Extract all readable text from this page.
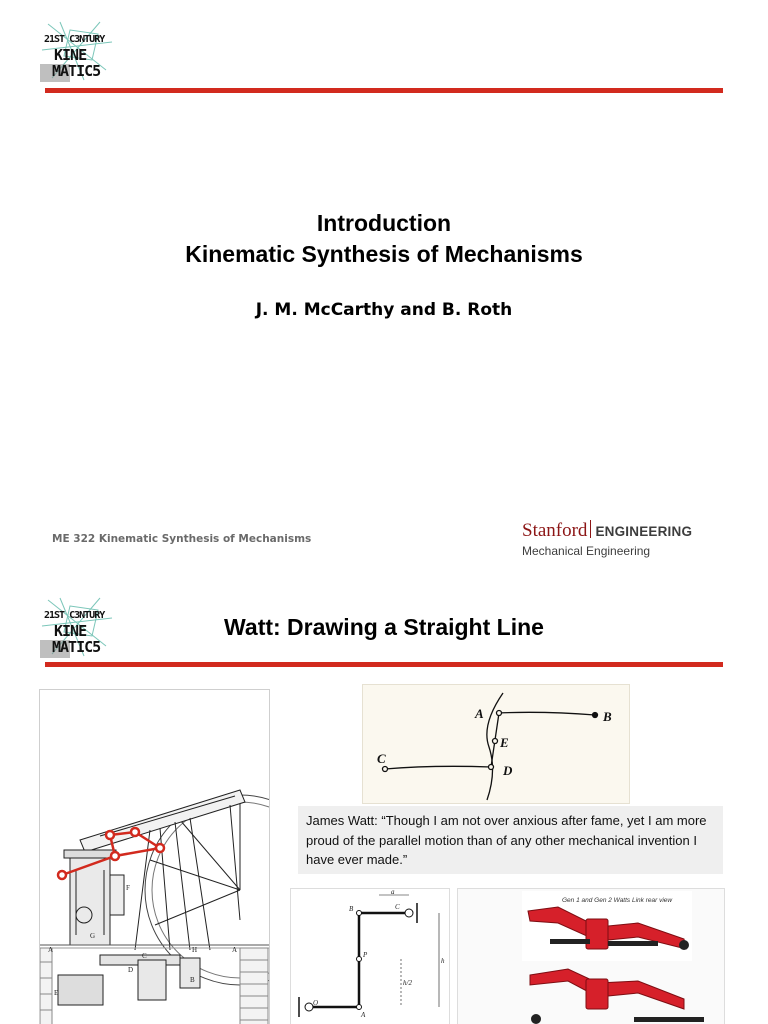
21ST C3NTURY
KINE
MATIC5
Introduction
Kinematic Synthesis of Mechanisms
J. M. McCarthy and B. Roth
ME 322 Kinematic Synthesis of Mechanisms	Stanford ENGINEERING
Mechanical Engineering
21ST C3NTURY
KINE
MATIC5
Watt: Drawing a Straight Line
A
G
C
D
H
B
F
E
A
A	B
C
D
E
James Watt: “Though I am not over anxious after fame, yet I am more proud of the parallel motion than of any other mechanical invention I have ever made.”
A
B	C
O
P
h
h/2
a
Gen 1 and Gen 2 Watts Link rear view
